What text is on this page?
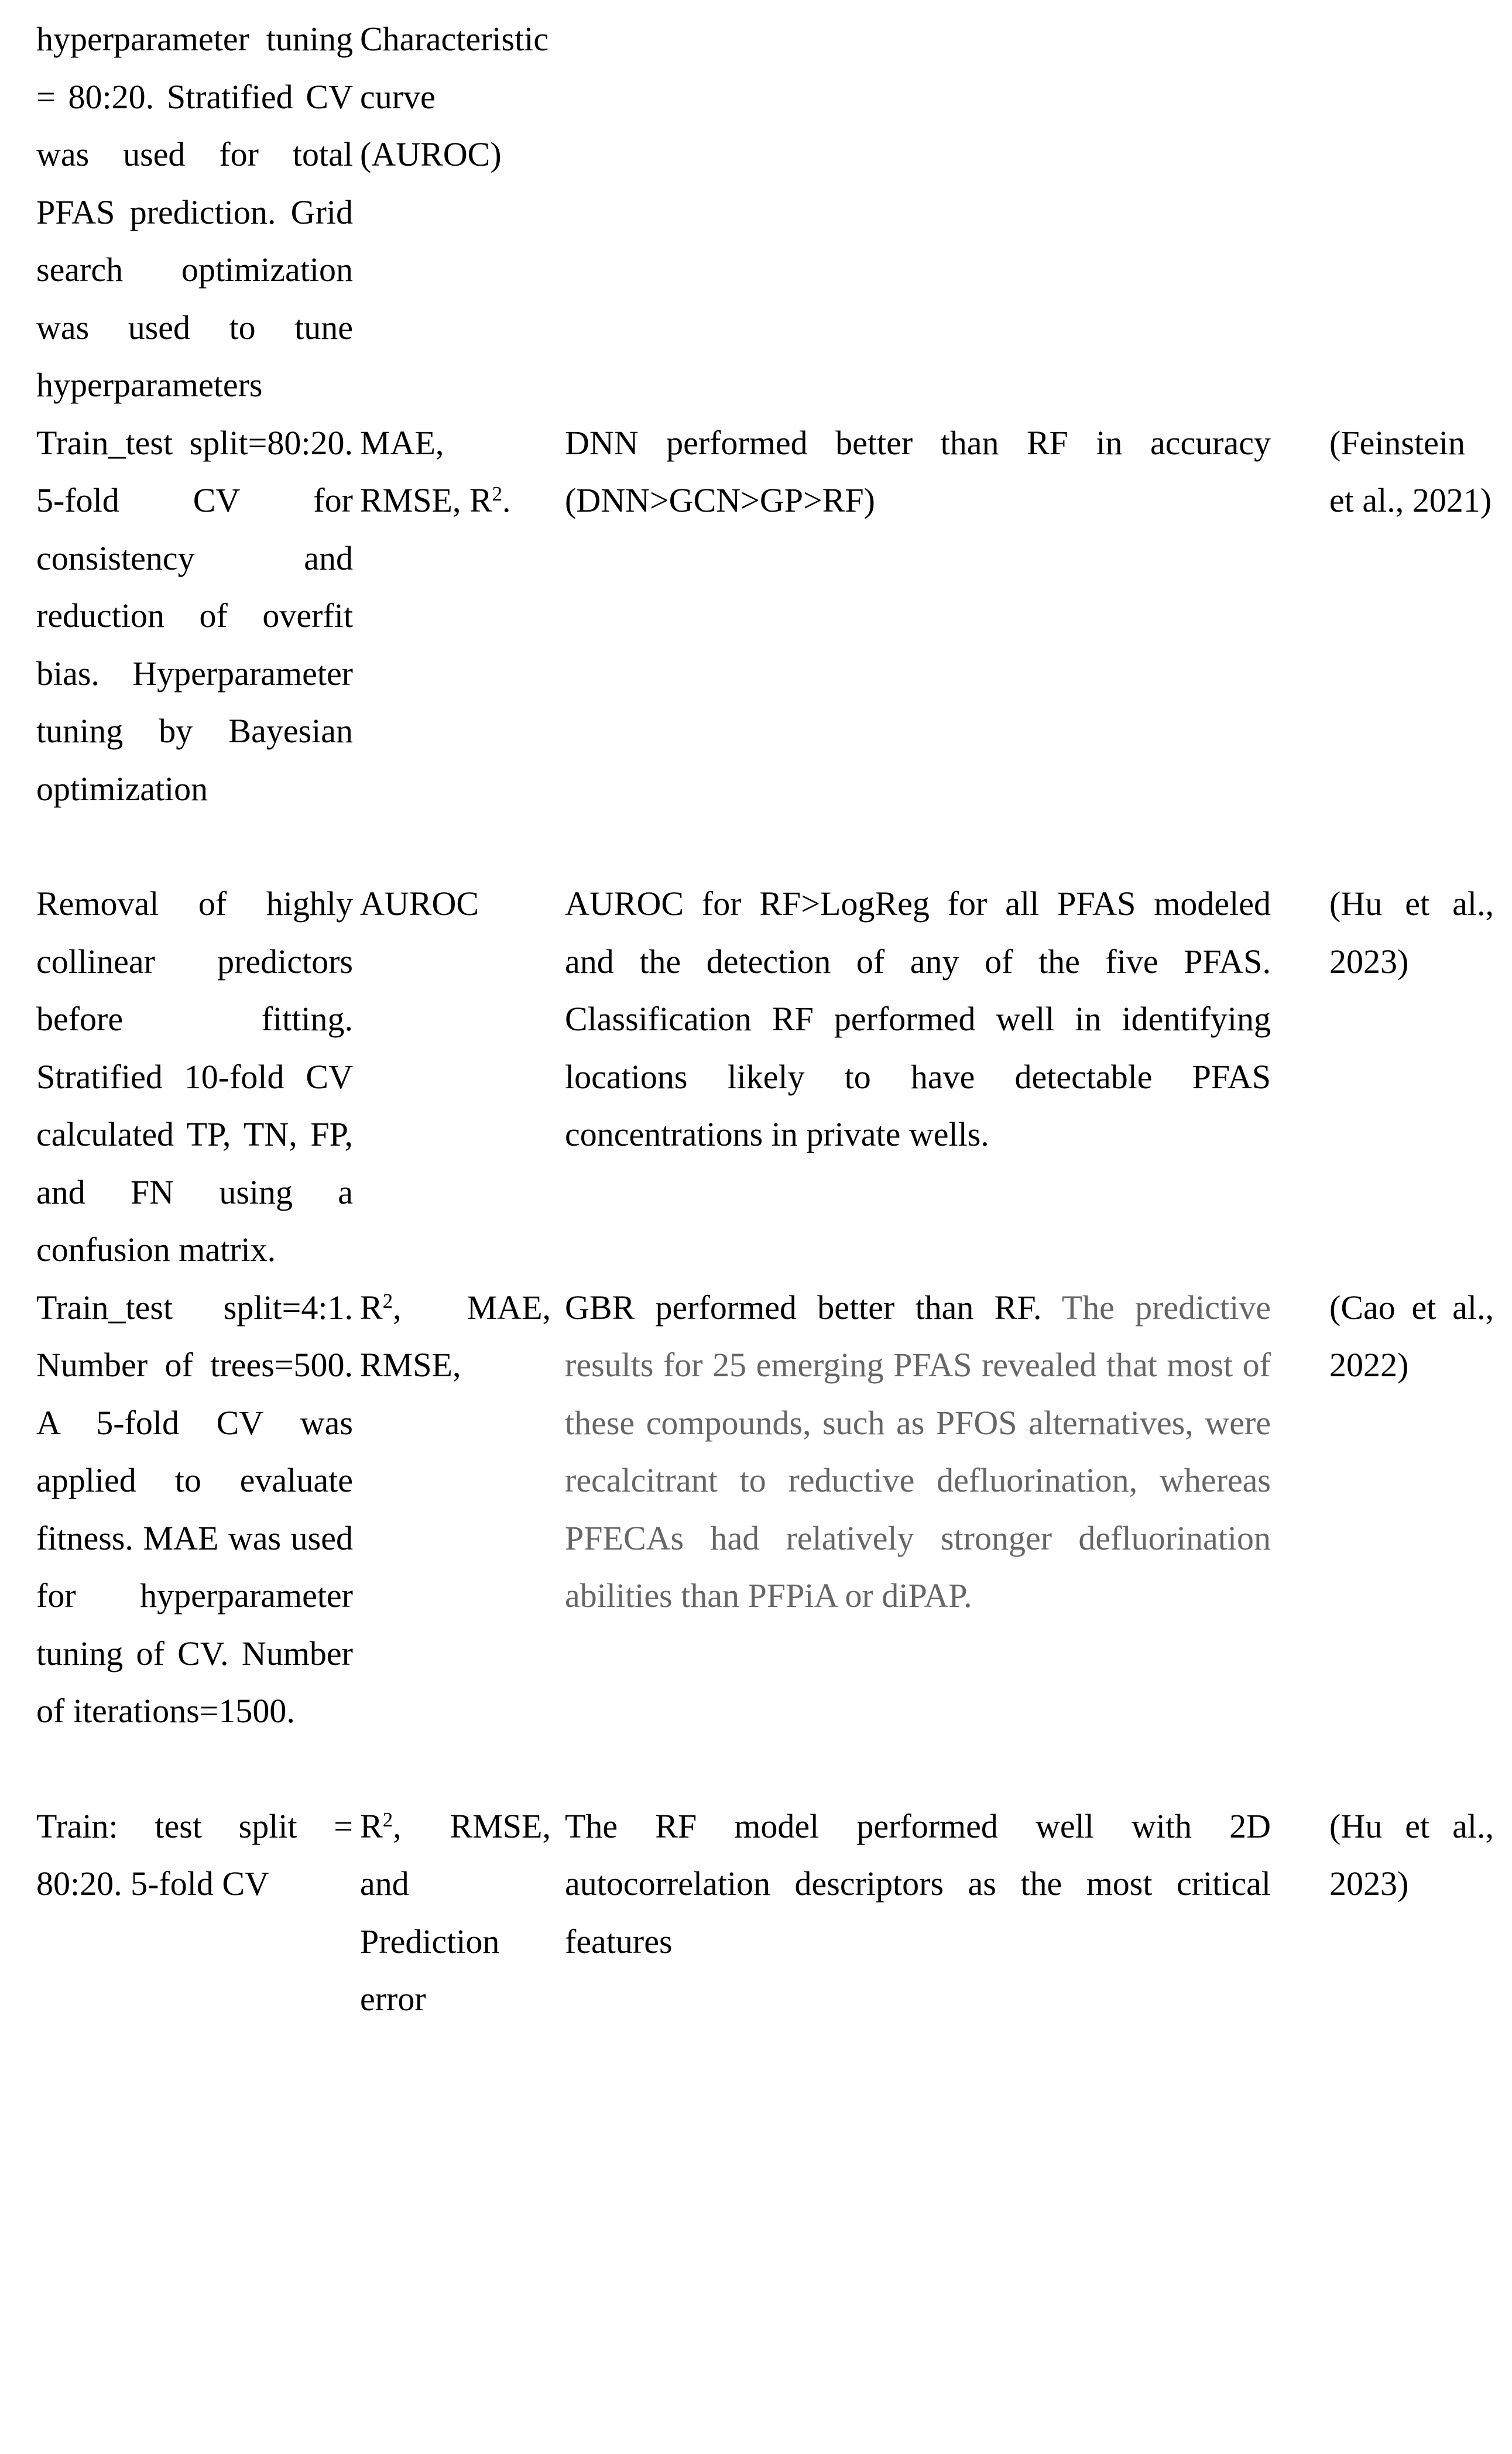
hyperparameter tuning = 80:20. Stratified CV was used for total PFAS prediction. Grid search optimization was used to tune hyperparameters	Characteristic curve (AUROC)		

Train_test split=80:20. 5-fold CV for consistency and reduction of overfit bias. Hyperparameter tuning by Bayesian optimization	MAE, RMSE, $R^2$.	DNN performed better than RF in accuracy (DNN>GCN>GP>RF)	(Feinstein et al., 2021)

Removal of highly collinear predictors before fitting. Stratified 10-fold CV calculated TP, TN, FP, and FN using a confusion matrix.	AUROC	AUROC for RF>LogReg for all PFAS modeled and the detection of any of the five PFAS. Classification RF performed well in identifying locations likely to have detectable PFAS concentrations in private wells.	(Hu et al., 2023)

Train_test split=4:1. Number of trees=500. A 5-fold CV was applied to evaluate fitness. MAE was used for hyperparameter tuning of CV. Number of iterations=1500.	$R^2$, MAE, RMSE,	GBR performed better than RF. The predictive results for 25 emerging PFAS revealed that most of these compounds, such as PFOS alternatives, were recalcitrant to reductive defluorination, whereas PFECAs had relatively stronger defluorination abilities than PFPiA or diPAP.	(Cao et al., 2022)

Train: test split = 80:20. 5-fold CV	$R^2$, RMSE, and Prediction error	The RF model performed well with 2D autocorrelation descriptors as the most critical features	(Hu et al., 2023)
